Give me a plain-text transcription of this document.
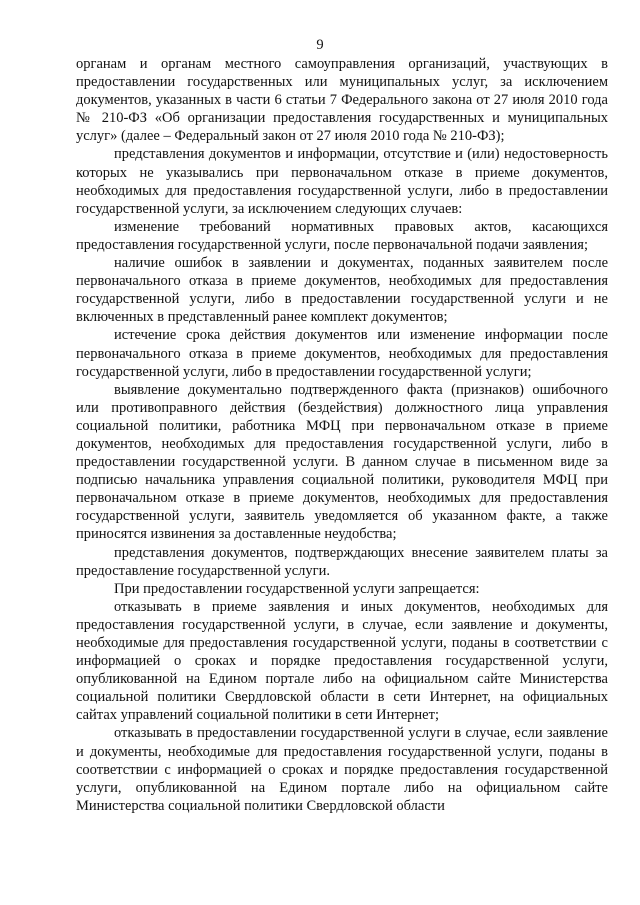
9

органам и органам местного самоуправления организаций, участвующих в предоставлении государственных или муниципальных услуг, за исключением документов, указанных в части 6 статьи 7 Федерального закона от 27 июля 2010 года № 210-ФЗ «Об организации предоставления государственных и муниципальных услуг» (далее – Федеральный закон от 27 июля 2010 года № 210-ФЗ);

представления документов и информации, отсутствие и (или) недостоверность которых не указывались при первоначальном отказе в приеме документов, необходимых для предоставления государственной услуги, либо в предоставлении государственной услуги, за исключением следующих случаев:

изменение требований нормативных правовых актов, касающихся предоставления государственной услуги, после первоначальной подачи заявления;

наличие ошибок в заявлении и документах, поданных заявителем после первоначального отказа в приеме документов, необходимых для предоставления государственной услуги, либо в предоставлении государственной услуги и не включенных в представленный ранее комплект документов;

истечение срока действия документов или изменение информации после первоначального отказа в приеме документов, необходимых для предоставления государственной услуги, либо в предоставлении государственной услуги;

выявление документально подтвержденного факта (признаков) ошибочного или противоправного действия (бездействия) должностного лица управления социальной политики, работника МФЦ при первоначальном отказе в приеме документов, необходимых для предоставления государственной услуги, либо в предоставлении государственной услуги. В данном случае в письменном виде за подписью начальника управления социальной политики, руководителя МФЦ при первоначальном отказе в приеме документов, необходимых для предоставления государственной услуги, заявитель уведомляется об указанном факте, а также приносятся извинения за доставленные неудобства;

представления документов, подтверждающих внесение заявителем платы за предоставление государственной услуги.

При предоставлении государственной услуги запрещается:

отказывать в приеме заявления и иных документов, необходимых для предоставления государственной услуги, в случае, если заявление и документы, необходимые для предоставления государственной услуги, поданы в соответствии с информацией о сроках и порядке предоставления государственной услуги, опубликованной на Едином портале либо на официальном сайте Министерства социальной политики Свердловской области в сети Интернет, на официальных сайтах управлений социальной политики в сети Интернет;

отказывать в предоставлении государственной услуги в случае, если заявление и документы, необходимые для предоставления государственной услуги, поданы в соответствии с информацией о сроках и порядке предоставления государственной услуги, опубликованной на Едином портале либо на официальном сайте Министерства социальной политики Свердловской области
